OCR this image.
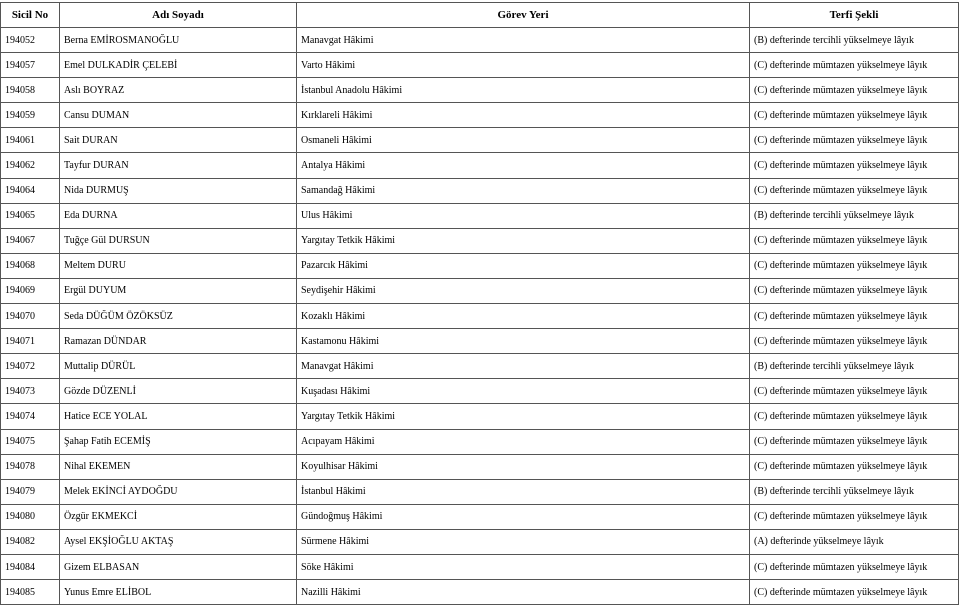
Sicil No	Adı Soyadı	Görev Yeri	Terfi Şekli
194052	Berna EMİROSMANOĞLU	Manavgat Hâkimi	(B) defterinde tercihli yükselmeye lâyık
194057	Emel DULKADİR ÇELEBİ	Varto Hâkimi	(C) defterinde mümtazen yükselmeye lâyık
194058	Aslı BOYRAZ	İstanbul Anadolu Hâkimi	(C) defterinde mümtazen yükselmeye lâyık
194059	Cansu DUMAN	Kırklareli Hâkimi	(C) defterinde mümtazen yükselmeye lâyık
194061	Sait DURAN	Osmaneli Hâkimi	(C) defterinde mümtazen yükselmeye lâyık
194062	Tayfur DURAN	Antalya Hâkimi	(C) defterinde mümtazen yükselmeye lâyık
194064	Nida DURMUŞ	Samandağ Hâkimi	(C) defterinde mümtazen yükselmeye lâyık
194065	Eda DURNA	Ulus Hâkimi	(B) defterinde tercihli yükselmeye lâyık
194067	Tuğçe Gül DURSUN	Yargıtay Tetkik Hâkimi	(C) defterinde mümtazen yükselmeye lâyık
194068	Meltem DURU	Pazarcık Hâkimi	(C) defterinde mümtazen yükselmeye lâyık
194069	Ergül DUYUM	Seydişehir Hâkimi	(C) defterinde mümtazen yükselmeye lâyık
194070	Seda DÜĞÜM ÖZÖKSÜZ	Kozaklı Hâkimi	(C) defterinde mümtazen yükselmeye lâyık
194071	Ramazan DÜNDAR	Kastamonu Hâkimi	(C) defterinde mümtazen yükselmeye lâyık
194072	Muttalip DÜRÜL	Manavgat Hâkimi	(B) defterinde tercihli yükselmeye lâyık
194073	Gözde DÜZENLİ	Kuşadası Hâkimi	(C) defterinde mümtazen yükselmeye lâyık
194074	Hatice ECE YOLAL	Yargıtay Tetkik Hâkimi	(C) defterinde mümtazen yükselmeye lâyık
194075	Şahap Fatih ECEMİŞ	Acıpayam Hâkimi	(C) defterinde mümtazen yükselmeye lâyık
194078	Nihal EKEMEN	Koyulhisar Hâkimi	(C) defterinde mümtazen yükselmeye lâyık
194079	Melek EKİNCİ AYDOĞDU	İstanbul Hâkimi	(B) defterinde tercihli yükselmeye lâyık
194080	Özgür EKMEKCİ	Gündoğmuş Hâkimi	(C) defterinde mümtazen yükselmeye lâyık
194082	Aysel EKŞİOĞLU AKTAŞ	Sürmene Hâkimi	(A) defterinde yükselmeye lâyık
194084	Gizem ELBASAN	Söke Hâkimi	(C) defterinde mümtazen yükselmeye lâyık
194085	Yunus Emre ELİBOL	Nazilli Hâkimi	(C) defterinde mümtazen yükselmeye lâyık
